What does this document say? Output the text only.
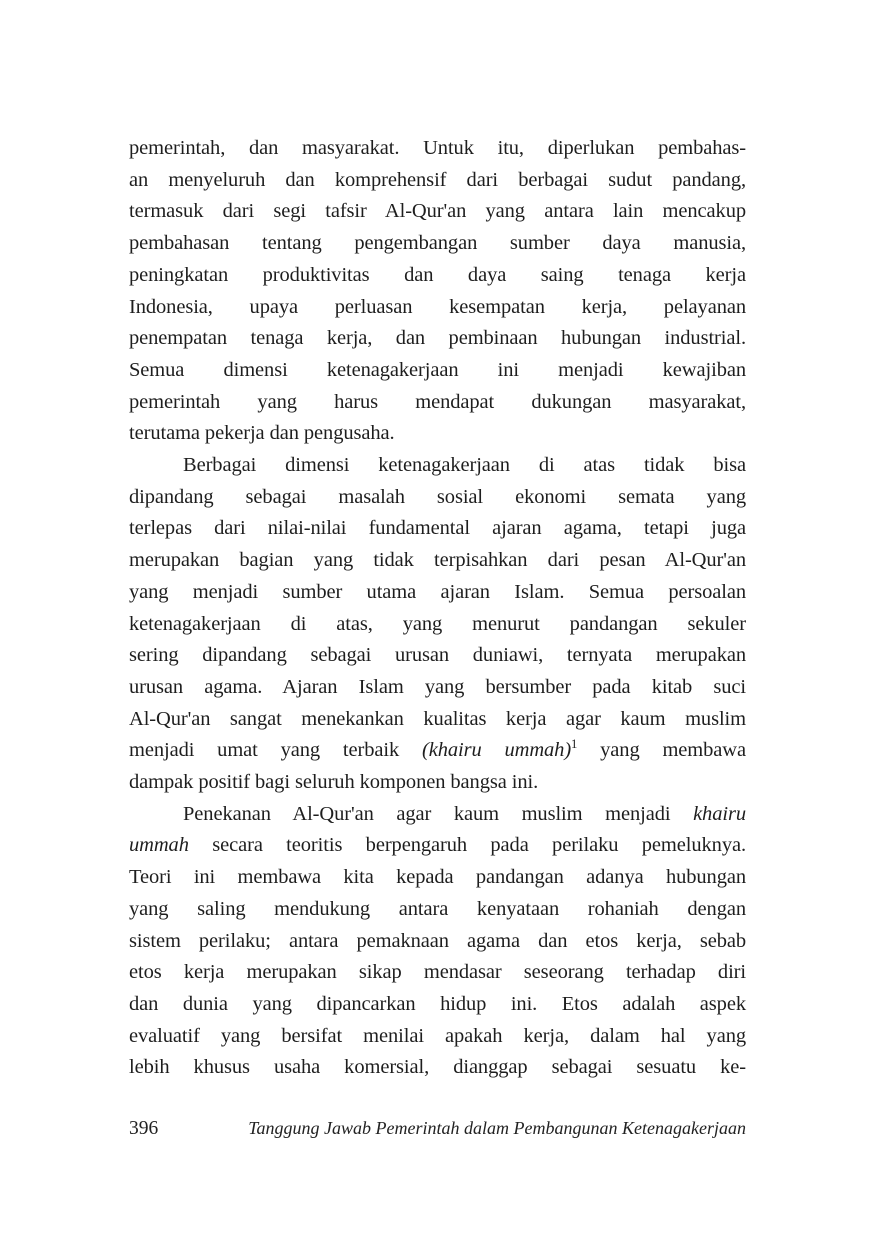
pemerintah, dan masyarakat. Untuk itu, diperlukan pembahas-
an menyeluruh dan komprehensif dari berbagai sudut pandang,
termasuk dari segi tafsir Al-Qur'an yang antara lain mencakup
pembahasan tentang pengembangan sumber daya manusia,
peningkatan produktivitas dan daya saing tenaga kerja
Indonesia, upaya perluasan kesempatan kerja, pelayanan
penempatan tenaga kerja, dan pembinaan hubungan industrial.
Semua dimensi ketenagakerjaan ini menjadi kewajiban
pemerintah yang harus mendapat dukungan masyarakat,
terutama pekerja dan pengusaha.
Berbagai dimensi ketenagakerjaan di atas tidak bisa
dipandang sebagai masalah sosial ekonomi semata yang
terlepas dari nilai-nilai fundamental ajaran agama, tetapi juga
merupakan bagian yang tidak terpisahkan dari pesan Al-Qur'an
yang menjadi sumber utama ajaran Islam. Semua persoalan
ketenagakerjaan di atas, yang menurut pandangan sekuler
sering dipandang sebagai urusan duniawi, ternyata merupakan
urusan agama. Ajaran Islam yang bersumber pada kitab suci
Al-Qur'an sangat menekankan kualitas kerja agar kaum muslim
menjadi umat yang terbaik (khairu ummah)$^1$ yang membawa
dampak positif bagi seluruh komponen bangsa ini.
Penekanan Al-Qur'an agar kaum muslim menjadi khairu
ummah secara teoritis berpengaruh pada perilaku pemeluknya.
Teori ini membawa kita kepada pandangan adanya hubungan
yang saling mendukung antara kenyataan rohaniah dengan
sistem perilaku; antara pemaknaan agama dan etos kerja, sebab
etos kerja merupakan sikap mendasar seseorang terhadap diri
dan dunia yang dipancarkan hidup ini. Etos adalah aspek
evaluatif yang bersifat menilai apakah kerja, dalam hal yang
lebih khusus usaha komersial, dianggap sebagai sesuatu ke-
396	Tanggung Jawab Pemerintah dalam Pembangunan Ketenagakerjaan
